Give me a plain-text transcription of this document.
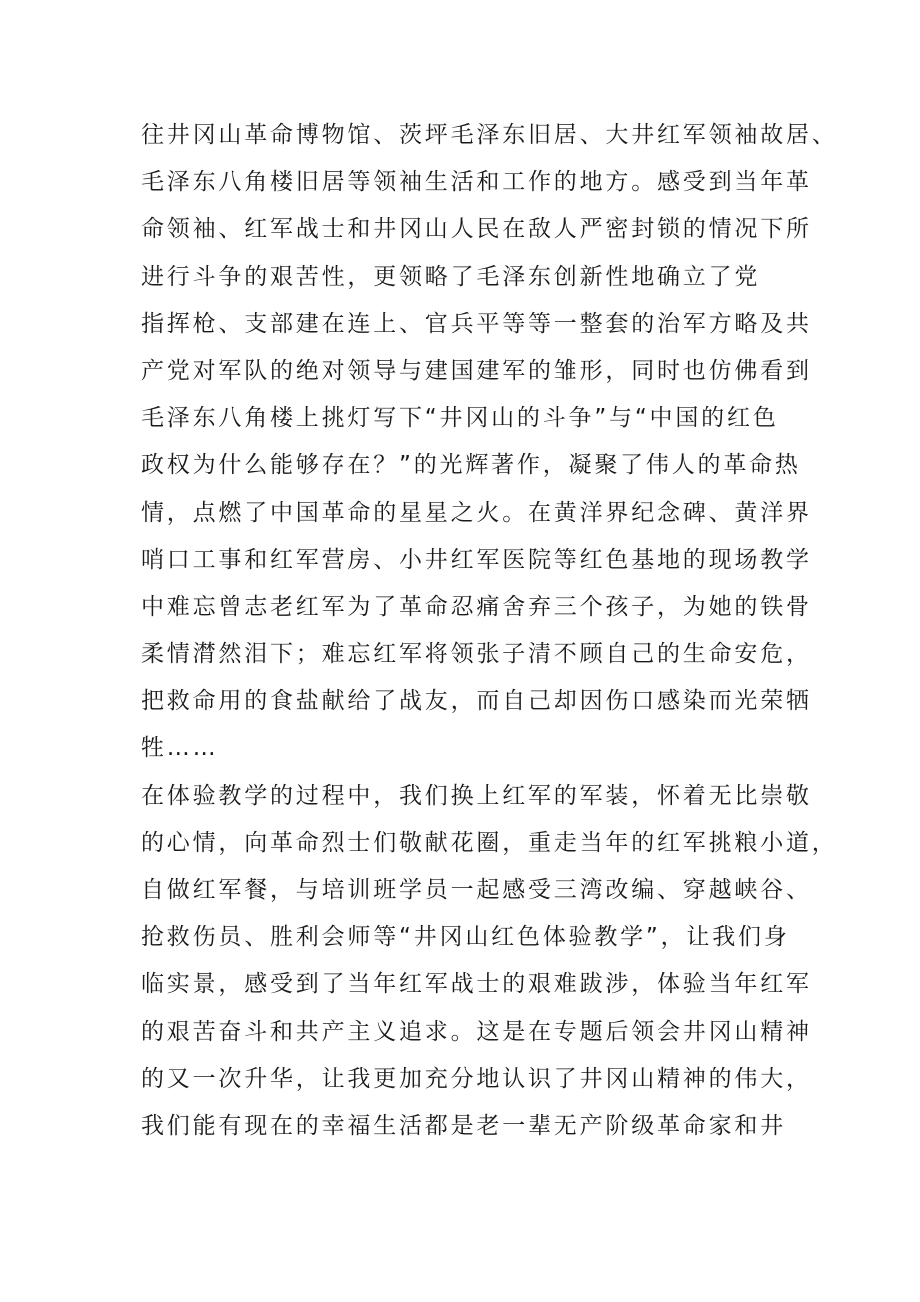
往井冈山革命博物馆、茨坪毛泽东旧居、大井红军领袖故居、
毛泽东八角楼旧居等领袖生活和工作的地方。感受到当年革
命领袖、红军战士和井冈山人民在敌人严密封锁的情况下所
进行斗争的艰苦性，更领略了毛泽东创新性地确立了党
指挥枪、支部建在连上、官兵平等等一整套的治军方略及共
产党对军队的绝对领导与建国建军的雏形，同时也仿佛看到
毛泽东八角楼上挑灯写下“井冈山的斗争”与“中国的红色
政权为什么能够存在？”的光辉著作，凝聚了伟人的革命热
情，点燃了中国革命的星星之火。在黄洋界纪念碑、黄洋界
哨口工事和红军营房、小井红军医院等红色基地的现场教学
中难忘曾志老红军为了革命忍痛舍弃三个孩子，为她的铁骨
柔情潸然泪下；难忘红军将领张子清不顾自己的生命安危，
把救命用的食盐献给了战友，而自己却因伤口感染而光荣牺
牲……
在体验教学的过程中，我们换上红军的军装，怀着无比崇敬
的心情，向革命烈士们敬献花圈，重走当年的红军挑粮小道，
自做红军餐，与培训班学员一起感受三湾改编、穿越峡谷、
抢救伤员、胜利会师等“井冈山红色体验教学”，让我们身
临实景，感受到了当年红军战士的艰难跋涉，体验当年红军
的艰苦奋斗和共产主义追求。这是在专题后领会井冈山精神
的又一次升华，让我更加充分地认识了井冈山精神的伟大，
我们能有现在的幸福生活都是老一辈无产阶级革命家和井
